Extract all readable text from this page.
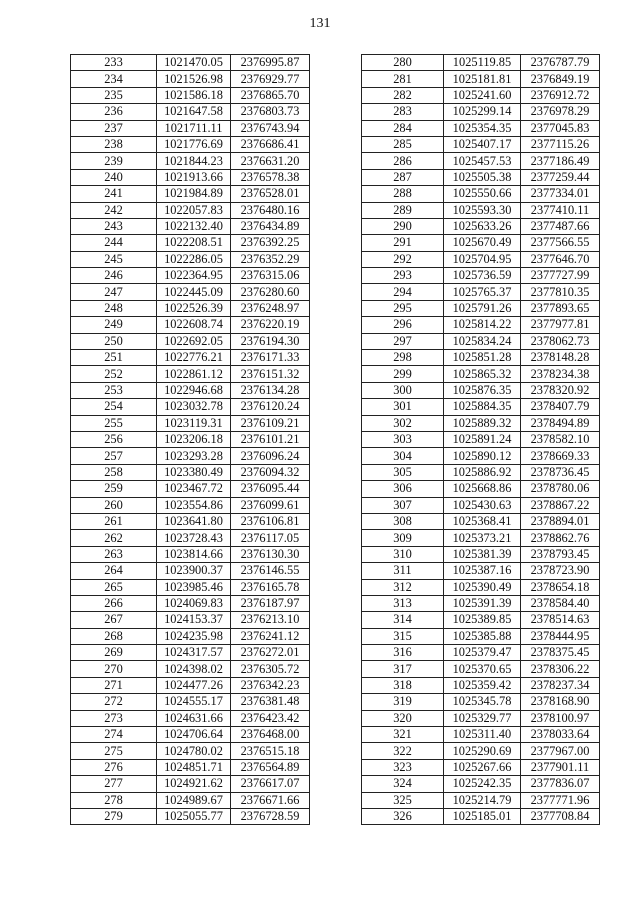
131
233	1021470.05	2376995.87
234	1021526.98	2376929.77
235	1021586.18	2376865.70
236	1021647.58	2376803.73
237	1021711.11	2376743.94
238	1021776.69	2376686.41
239	1021844.23	2376631.20
240	1021913.66	2376578.38
241	1021984.89	2376528.01
242	1022057.83	2376480.16
243	1022132.40	2376434.89
244	1022208.51	2376392.25
245	1022286.05	2376352.29
246	1022364.95	2376315.06
247	1022445.09	2376280.60
248	1022526.39	2376248.97
249	1022608.74	2376220.19
250	1022692.05	2376194.30
251	1022776.21	2376171.33
252	1022861.12	2376151.32
253	1022946.68	2376134.28
254	1023032.78	2376120.24
255	1023119.31	2376109.21
256	1023206.18	2376101.21
257	1023293.28	2376096.24
258	1023380.49	2376094.32
259	1023467.72	2376095.44
260	1023554.86	2376099.61
261	1023641.80	2376106.81
262	1023728.43	2376117.05
263	1023814.66	2376130.30
264	1023900.37	2376146.55
265	1023985.46	2376165.78
266	1024069.83	2376187.97
267	1024153.37	2376213.10
268	1024235.98	2376241.12
269	1024317.57	2376272.01
270	1024398.02	2376305.72
271	1024477.26	2376342.23
272	1024555.17	2376381.48
273	1024631.66	2376423.42
274	1024706.64	2376468.00
275	1024780.02	2376515.18
276	1024851.71	2376564.89
277	1024921.62	2376617.07
278	1024989.67	2376671.66
279	1025055.77	2376728.59
280	1025119.85	2376787.79
281	1025181.81	2376849.19
282	1025241.60	2376912.72
283	1025299.14	2376978.29
284	1025354.35	2377045.83
285	1025407.17	2377115.26
286	1025457.53	2377186.49
287	1025505.38	2377259.44
288	1025550.66	2377334.01
289	1025593.30	2377410.11
290	1025633.26	2377487.66
291	1025670.49	2377566.55
292	1025704.95	2377646.70
293	1025736.59	2377727.99
294	1025765.37	2377810.35
295	1025791.26	2377893.65
296	1025814.22	2377977.81
297	1025834.24	2378062.73
298	1025851.28	2378148.28
299	1025865.32	2378234.38
300	1025876.35	2378320.92
301	1025884.35	2378407.79
302	1025889.32	2378494.89
303	1025891.24	2378582.10
304	1025890.12	2378669.33
305	1025886.92	2378736.45
306	1025668.86	2378780.06
307	1025430.63	2378867.22
308	1025368.41	2378894.01
309	1025373.21	2378862.76
310	1025381.39	2378793.45
311	1025387.16	2378723.90
312	1025390.49	2378654.18
313	1025391.39	2378584.40
314	1025389.85	2378514.63
315	1025385.88	2378444.95
316	1025379.47	2378375.45
317	1025370.65	2378306.22
318	1025359.42	2378237.34
319	1025345.78	2378168.90
320	1025329.77	2378100.97
321	1025311.40	2378033.64
322	1025290.69	2377967.00
323	1025267.66	2377901.11
324	1025242.35	2377836.07
325	1025214.79	2377771.96
326	1025185.01	2377708.84
